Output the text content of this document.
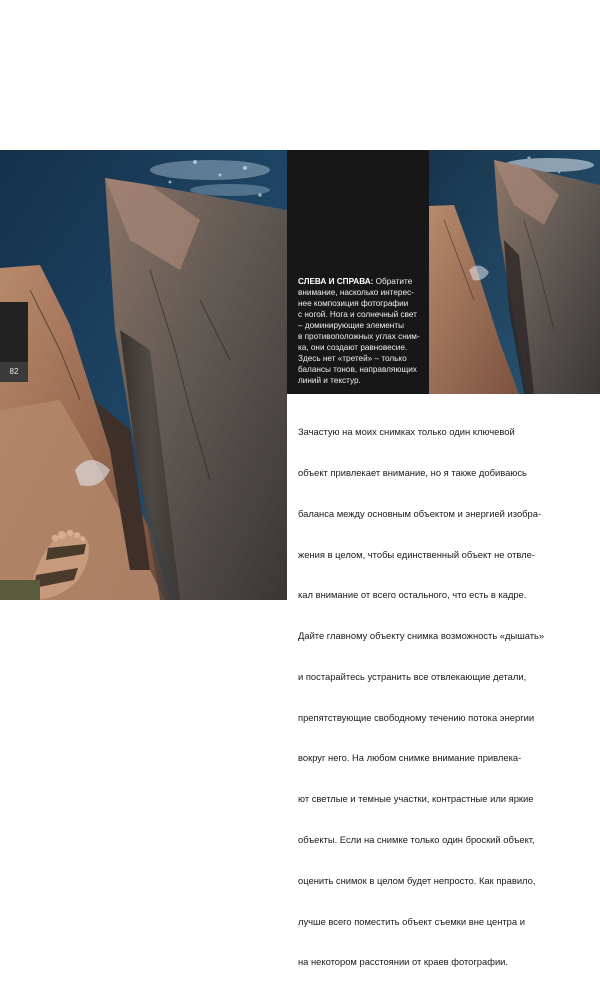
82
СЛЕВА И СПРАВА: Обратите
внимание, насколько интерес-
нее композиция фотографии
с ногой. Нога и солнечный свет
– доминирующие элементы
в противоположных углах сним-
ка, они создают равновесие.
Здесь нет «третей» – только
балансы тонов, направляющих
линий и текстур.

Зачастую на моих снимках только один ключевой

объект привлекает внимание, но я также добиваюсь

баланса между основным объектом и энергией изобра-

жения в целом, чтобы единственный объект не отвле-

кал внимание от всего остального, что есть в кадре.

Дайте главному объекту снимка возможность «дышать»

и постарайтесь устранить все отвлекающие детали,

препятствующие свободному течению потока энергии

вокруг него. На любом снимке внимание привлека-

ют светлые и темные участки, контрастные или яркие

объекты. Если на снимке только один броский объект,

оценить снимок в целом будет непросто. Как правило,

лучше всего поместить объект съемки вне центра и

на некотором расстоянии от краев фотографии.
